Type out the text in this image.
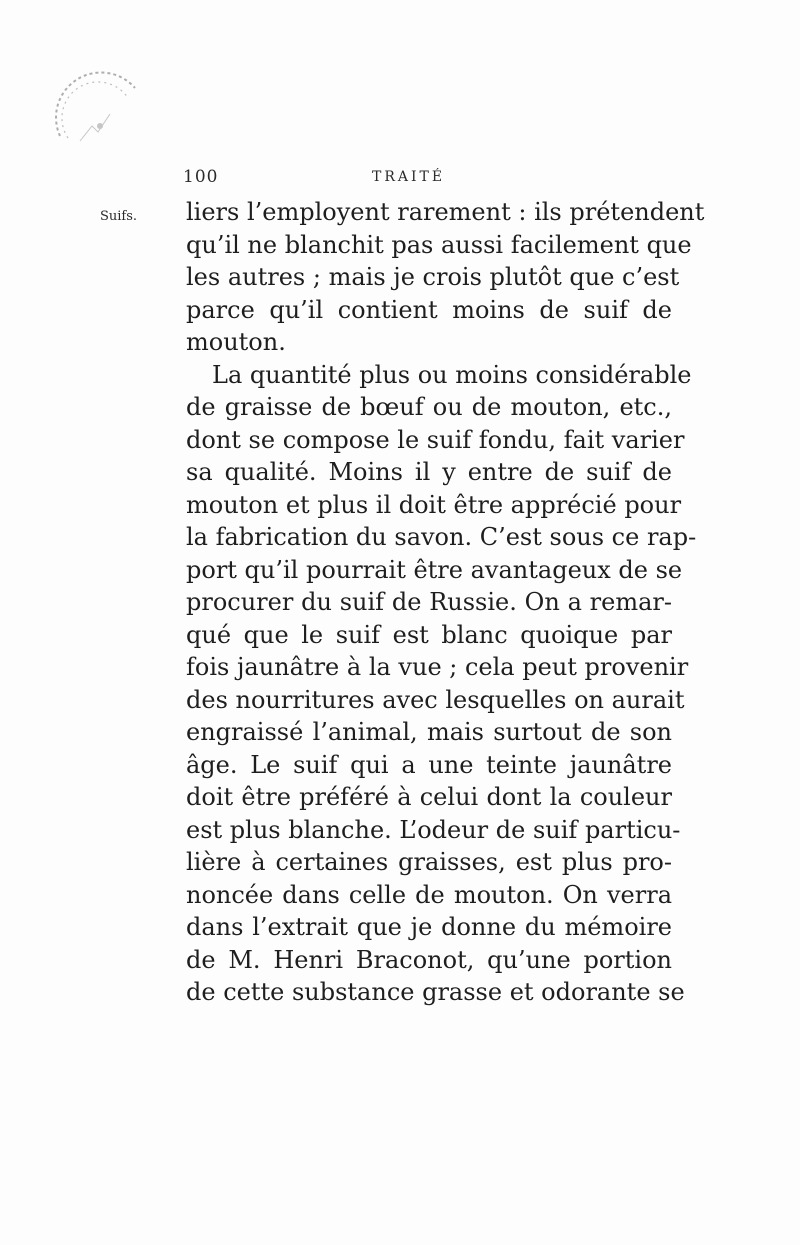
100	TRAITÉ
Suifs. liers l’employent rarement : ils prétendent
qu’il ne blanchit pas aussi facilement que
les autres ; mais je crois plutôt que c’est
parce qu’il contient moins de suif de
mouton.
La quantité plus ou moins considérable
de graisse de bœuf ou de mouton, etc.,
dont se compose le suif fondu, fait varier
sa qualité. Moins il y entre de suif de
mouton et plus il doit être apprécié pour
la fabrication du savon. C’est sous ce rap-
port qu’il pourrait être avantageux de se
procurer du suif de Russie. On a remar-
qué que le suif est blanc quoique par
fois jaunâtre à la vue ; cela peut provenir
des nourritures avec lesquelles on aurait
engraissé l’animal, mais surtout de son
âge. Le suif qui a une teinte jaunâtre
doit être préféré à celui dont la couleur
est plus blanche. L’odeur de suif particu-
lière à certaines graisses, est plus pro-
noncée dans celle de mouton. On verra
dans l’extrait que je donne du mémoire
de M. Henri Braconot, qu’une portion
de cette substance grasse et odorante se
